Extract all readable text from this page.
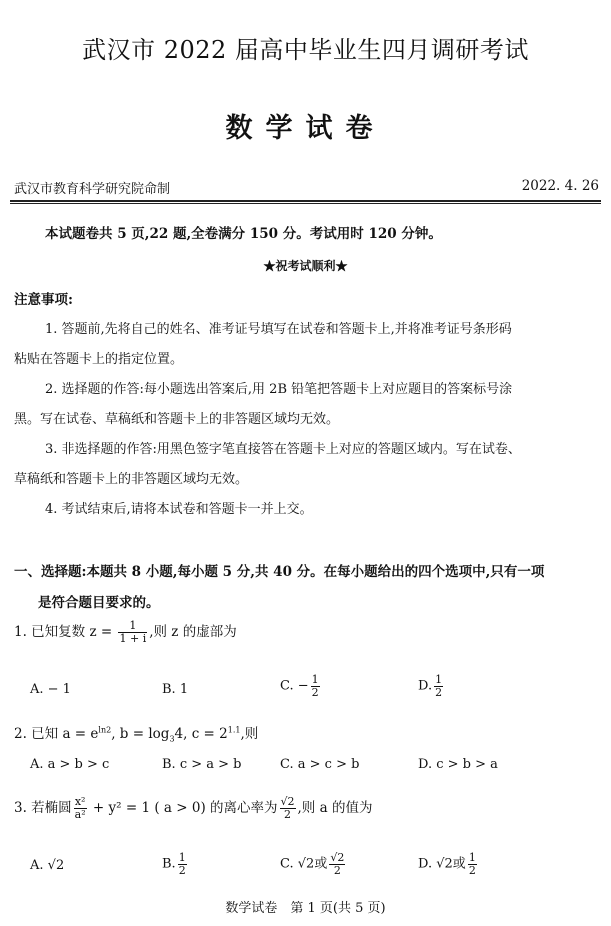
武汉市 2022 届高中毕业生四月调研考试
数学试卷
武汉市教育科学研究院命制	2022. 4. 26
本试题卷共 5 页,22 题,全卷满分 150 分。考试用时 120 分钟。
★祝考试顺利★
注意事项:
1. 答题前,先将自己的姓名、准考证号填写在试卷和答题卡上,并将准考证号条形码
粘贴在答题卡上的指定位置。
2. 选择题的作答:每小题选出答案后,用 2B 铅笔把答题卡上对应题目的答案标号涂
黑。写在试卷、草稿纸和答题卡上的非答题区域均无效。
3. 非选择题的作答:用黑色签字笔直接答在答题卡上对应的答题区域内。写在试卷、
草稿纸和答题卡上的非答题区域均无效。
4. 考试结束后,请将本试卷和答题卡一并上交。
一、选择题:本题共 8 小题,每小题 5 分,共 40 分。在每小题给出的四个选项中,只有一项
是符合题目要求的。
1. 已知复数 $z = \frac{1}{1 + i}$ ,则 z 的虚部为
A. − 1	B. 1	C. − $\frac{1}{2}$	D. $\frac{1}{2}$
2. 已知 $a = e^{ln2}$, $b = \log_34$, $c = 2^{1.1}$,则
A. a > b > c	B. c > a > b	C. a > c > b	D. c > b > a
3. 若椭圆 $\frac{\text{x²}}{\text{a²}} + y^2 = 1$ ( a > 0) 的离心率为 $\frac{√2}{2}$ ,则 a 的值为
A. √2	B. $\frac{1}{2}$	C. √2或 $\frac{√2}{2}$	D. √2或 $\frac{1}{2}$
数学试卷　第 1 页(共 5 页)
